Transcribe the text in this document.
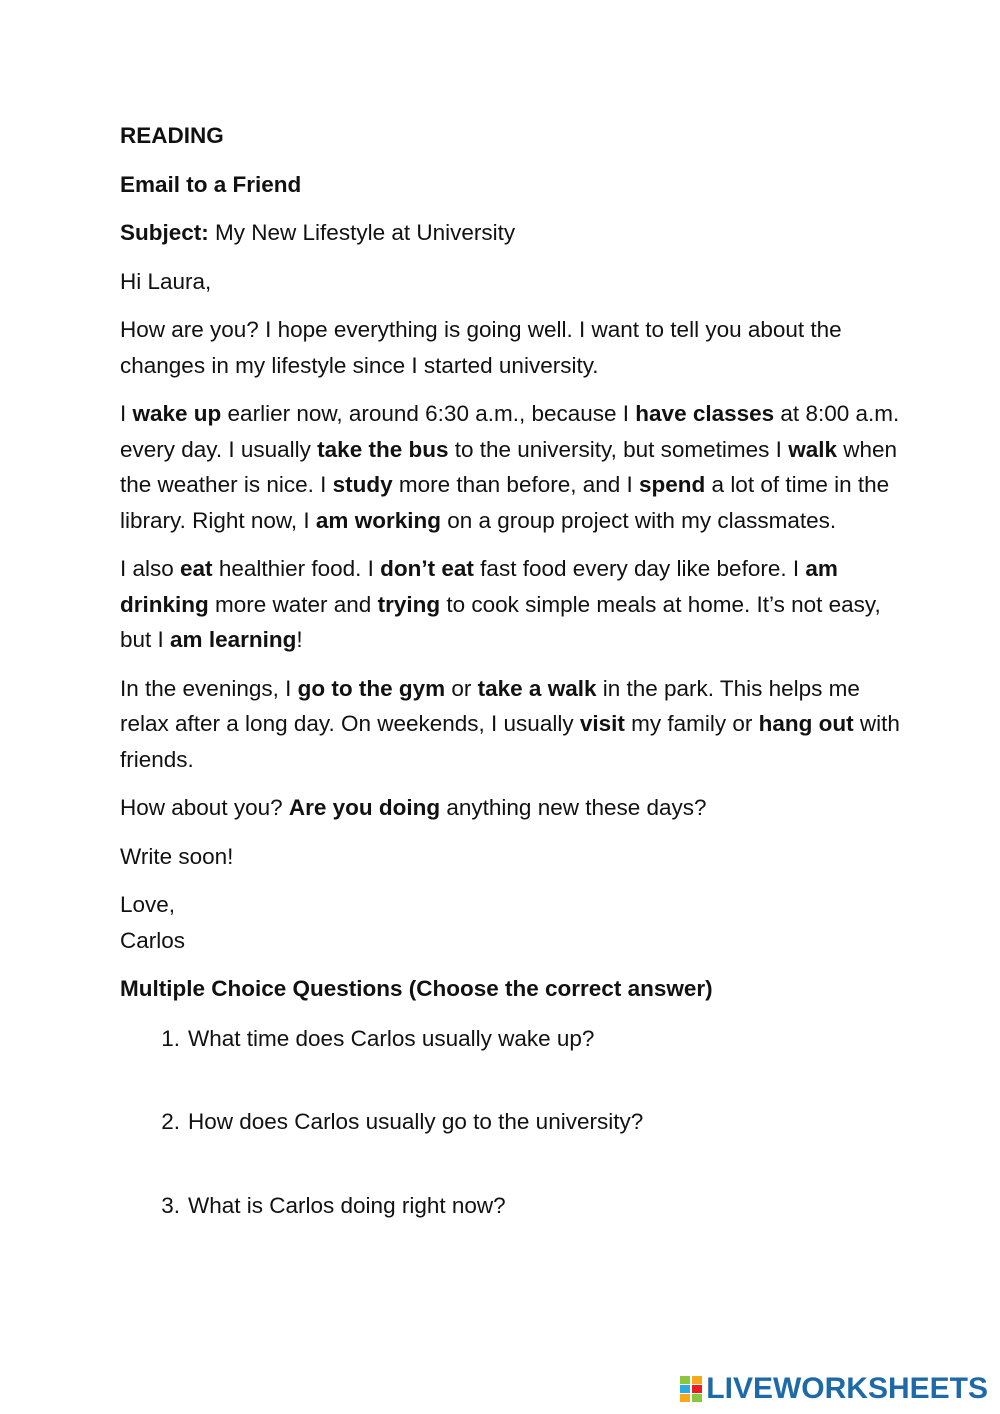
READING

Email to a Friend

Subject: My New Lifestyle at University

Hi Laura,

How are you? I hope everything is going well. I want to tell you about the changes in my lifestyle since I started university.

I wake up earlier now, around 6:30 a.m., because I have classes at 8:00 a.m. every day. I usually take the bus to the university, but sometimes I walk when the weather is nice. I study more than before, and I spend a lot of time in the library. Right now, I am working on a group project with my classmates.

I also eat healthier food. I don’t eat fast food every day like before. I am drinking more water and trying to cook simple meals at home. It’s not easy, but I am learning!

In the evenings, I go to the gym or take a walk in the park. This helps me relax after a long day. On weekends, I usually visit my family or hang out with friends.

How about you? Are you doing anything new these days?

Write soon!

Love,
Carlos

Multiple Choice Questions (Choose the correct answer)

1. What time does Carlos usually wake up?
2. How does Carlos usually go to the university?
3. What is Carlos doing right now?
LIVEWORKSHEETS
